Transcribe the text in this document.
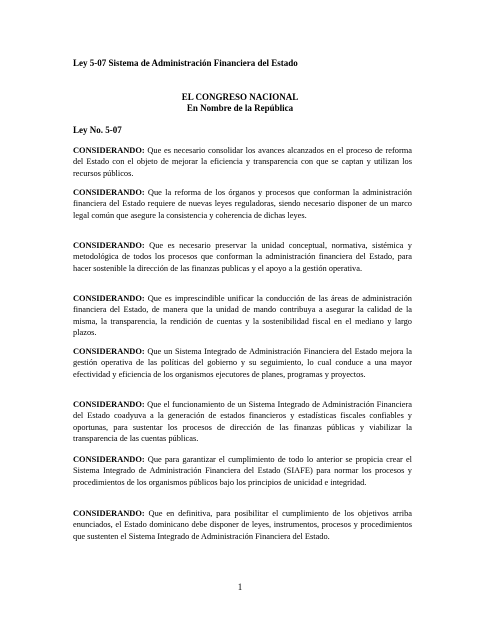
Ley 5-07 Sistema de Administración Financiera del Estado
EL CONGRESO NACIONAL
En Nombre de la República
Ley No. 5-07
CONSIDERANDO: Que es necesario consolidar los avances alcanzados en el proceso de reforma del Estado con el objeto de mejorar la eficiencia y transparencia con que se captan y utilizan los recursos públicos.
CONSIDERANDO: Que la reforma de los órganos y procesos que conforman la administración financiera del Estado requiere de nuevas leyes reguladoras, siendo necesario disponer de un marco legal común que asegure la consistencia y coherencia de dichas leyes.
CONSIDERANDO: Que es necesario preservar la unidad conceptual, normativa, sistémica y metodológica de todos los procesos que conforman la administración financiera del Estado, para hacer sostenible la dirección de las finanzas publicas y el apoyo a la gestión operativa.
CONSIDERANDO: Que es imprescindible unificar la conducción de las áreas de administración financiera del Estado, de manera que la unidad de mando contribuya a asegurar la calidad de la misma, la transparencia, la rendición de cuentas y la sostenibilidad fiscal en el mediano y largo plazos.
CONSIDERANDO: Que un Sistema Integrado de Administración Financiera del Estado mejora la gestión operativa de las políticas del gobierno y su seguimiento, lo cual conduce a una mayor efectividad y eficiencia de los organismos ejecutores de planes, programas y proyectos.
CONSIDERANDO: Que el funcionamiento de un Sistema Integrado de Administración Financiera del Estado coadyuva a la generación de estados financieros y estadísticas fiscales confiables y oportunas, para sustentar los procesos de dirección de las finanzas públicas y viabilizar la transparencia de las cuentas públicas.
CONSIDERANDO: Que para garantizar el cumplimiento de todo lo anterior se propicia crear el Sistema Integrado de Administración Financiera del Estado (SIAFE) para normar los procesos y procedimientos de los organismos públicos bajo los principios de unicidad e integridad.
CONSIDERANDO: Que en definitiva, para posibilitar el cumplimiento de los objetivos arriba enunciados, el Estado dominicano debe disponer de leyes, instrumentos, procesos y procedimientos que sustenten el Sistema Integrado de Administración Financiera del Estado.
1
